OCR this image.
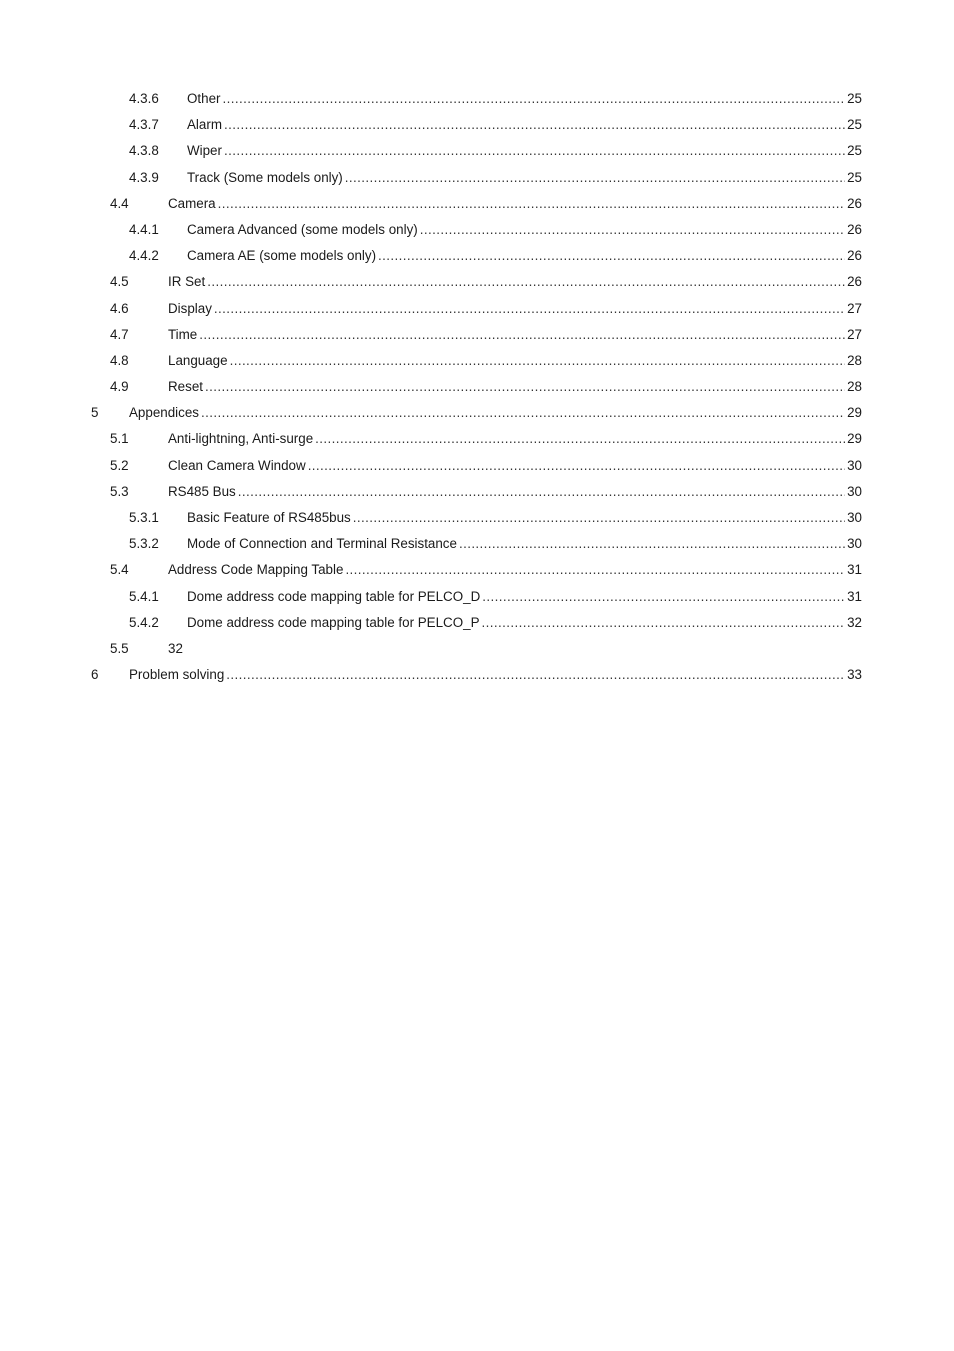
4.3.6 Other .....	25
4.3.7 Alarm .....	25
4.3.8 Wiper .....	25
4.3.9 Track (Some models only) .....	25
4.4	Camera .....	26
4.4.1 Camera Advanced (some models only) .....	26
4.4.2 Camera AE (some models only) .....	26
4.5	IR Set .....	26
4.6	Display .....	27
4.7	Time .....	27
4.8	Language .....	28
4.9	Reset .....	28
5 Appendices .....	29
5.1	Anti-lightning, Anti-surge .....	29
5.2	Clean Camera Window .....	30
5.3	RS485 Bus .....	30
5.3.1 Basic Feature of RS485bus .....	30
5.3.2 Mode of Connection and Terminal Resistance .....	30
5.4	Address Code Mapping Table .....	31
5.4.1 Dome address code mapping table for PELCO_D .....	31
5.4.2 Dome address code mapping table for PELCO_P .....	32
5.5	32
6 Problem solving .....	33
